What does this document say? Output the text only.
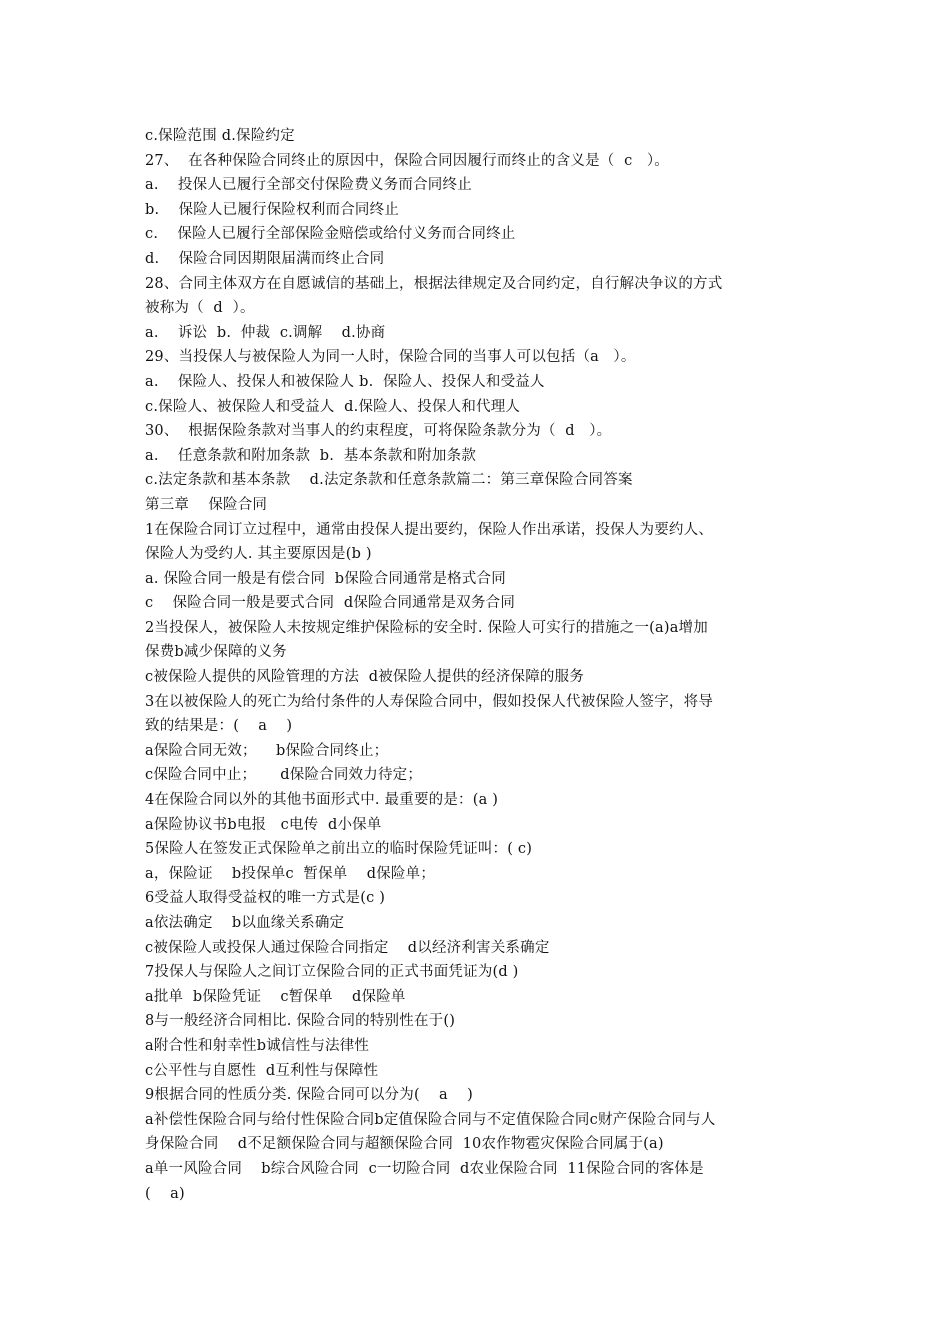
c.保险范围 d.保险约定
27、  在各种保险合同终止的原因中，保险合同因履行而终止的含义是（  c   ）。
a.    投保人已履行全部交付保险费义务而合同终止
b.    保险人已履行保险权利而合同终止
c.    保险人已履行全部保险金赔偿或给付义务而合同终止
d.    保险合同因期限届满而终止合同
28、合同主体双方在自愿诚信的基础上，根据法律规定及合同约定，自行解决争议的方式
被称为（  d  ）。
a.    诉讼  b.  仲裁  c.调解    d.协商
29、当投保人与被保险人为同一人时，保险合同的当事人可以包括（a   ）。
a.    保险人、投保人和被保险人 b.  保险人、投保人和受益人
c.保险人、被保险人和受益人  d.保险人、投保人和代理人
30、  根据保险条款对当事人的约束程度，可将保险条款分为（  d   ）。
a.    任意条款和附加条款  b.  基本条款和附加条款
c.法定条款和基本条款    d.法定条款和任意条款篇二：第三章保险合同答案
第三章    保险合同
1在保险合同订立过程中，通常由投保人提出要约，保险人作出承诺，投保人为要约人、
保险人为受约人. 其主要原因是(b )
a. 保险合同一般是有偿合同  b保险合同通常是格式合同
c    保险合同一般是要式合同  d保险合同通常是双务合同
2当投保人，被保险人未按规定维护保险标的安全时. 保险人可实行的措施之一(a)a增加
保费b减少保障的义务
c被保险人提供的风险管理的方法  d被保险人提供的经济保障的服务
3在以被保险人的死亡为给付条件的人寿保险合同中，假如投保人代被保险人签字，将导
致的结果是：(    a    )
a保险合同无效；    b保险合同终止；
c保险合同中止；     d保险合同效力待定；
4在保险合同以外的其他书面形式中. 最重要的是：(a )
a保险协议书b电报   c电传  d小保单
5保险人在签发正式保险单之前出立的临时保险凭证叫：( c)
a，保险证    b投保单c  暂保单    d保险单；
6受益人取得受益权的唯一方式是(c )
a依法确定    b以血缘关系确定
c被保险人或投保人通过保险合同指定    d以经济利害关系确定
7投保人与保险人之间订立保险合同的正式书面凭证为(d )
a批单  b保险凭证    c暂保单    d保险单
8与一般经济合同相比. 保险合同的特别性在于()
a附合性和射幸性b诚信性与法律性
c公平性与自愿性  d互利性与保障性
9根据合同的性质分类. 保险合同可以分为(    a    )
a补偿性保险合同与给付性保险合同b定值保险合同与不定值保险合同c财产保险合同与人
身保险合同    d不足额保险合同与超额保险合同  10农作物雹灾保险合同属于(a)
a单一风险合同    b综合风险合同  c一切险合同  d农业保险合同  11保险合同的客体是
(    a)
